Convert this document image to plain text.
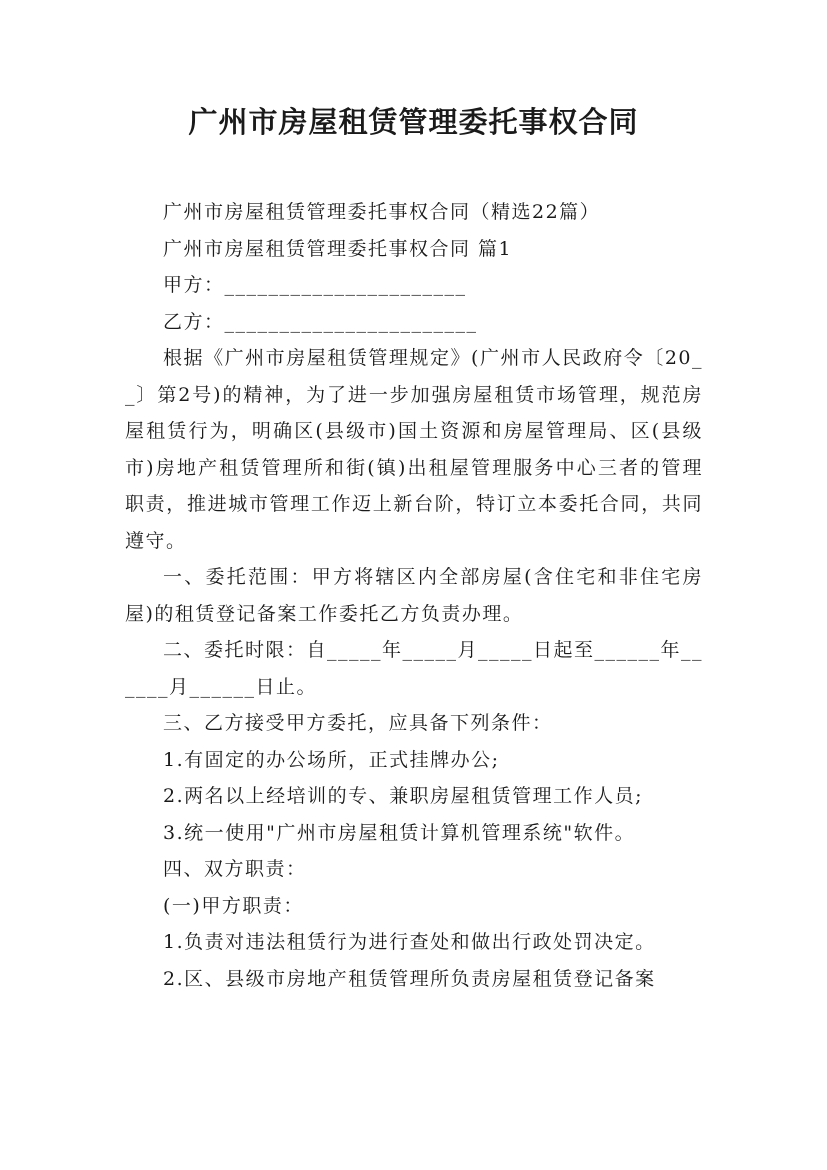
广州市房屋租赁管理委托事权合同

广州市房屋租赁管理委托事权合同（精选22篇）

广州市房屋租赁管理委托事权合同 篇1

甲方：______________________

乙方：_______________________

根据《广州市房屋租赁管理规定》(广州市人民政府令〔20__〕第2号)的精神，为了进一步加强房屋租赁市场管理，规范房屋租赁行为，明确区(县级市)国土资源和房屋管理局、区(县级市)房地产租赁管理所和街(镇)出租屋管理服务中心三者的管理职责，推进城市管理工作迈上新台阶，特订立本委托合同，共同遵守。

一、委托范围：甲方将辖区内全部房屋(含住宅和非住宅房屋)的租赁登记备案工作委托乙方负责办理。

二、委托时限：自_____年_____月_____日起至______年______月______日止。

三、乙方接受甲方委托，应具备下列条件：

1.有固定的办公场所，正式挂牌办公;

2.两名以上经培训的专、兼职房屋租赁管理工作人员;

3.统一使用"广州市房屋租赁计算机管理系统"软件。

四、双方职责：

(一)甲方职责：

1.负责对违法租赁行为进行查处和做出行政处罚决定。

2.区、县级市房地产租赁管理所负责房屋租赁登记备案
